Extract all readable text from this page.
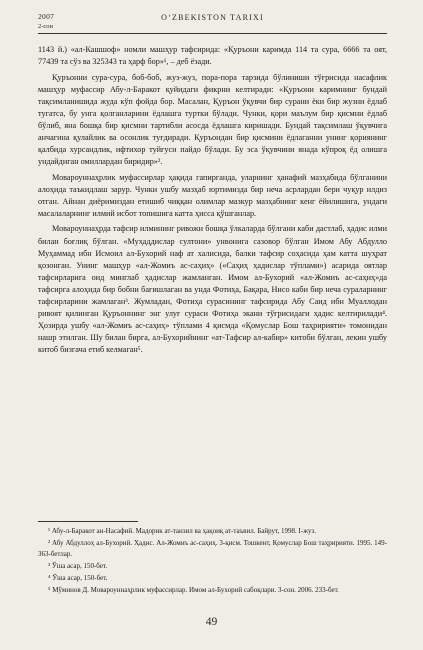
2007
2-сон
O‘ZBEKISTON TARIXI

1143 й.) «ал-Кашшоф» номли машҳур тафсирида: «Қуръони каримда 114 та сура, 6666 та оят, 77439 та сўз ва 325343 та ҳарф бор»¹, – деб ёзади.

Қуръонни сура-сура, боб-боб, жуз-жуз, пора-пора тарзида бўлиниши тўғрисида насафлик машҳур муфассир Абу-л-Баракот қуйидаги фикрни келтиради: «Қуръони каримнинг бундай тақсимланишида жуда кўп фойда бор. Масалан, Қуръон ўқувчи бир сурани ёки бир жузни ёдлаб тугатса, бу унга қолганларини ёдлашга туртки бўлади. Чунки, қори маълум бир қисмни ёдлаб бўлиб, яна бошқа бир қисмни тартибли асосда ёдлашга киришади. Бундай тақсимлаш ўқувчига анчагина қулайлик ва осонлик туғдиради. Қуръондан бир қисмини ёдлаганни унинг қориянинг қалбида хурсандлик, ифтихор туйғуси пайдо бўлади. Бу эса ўқувчини янада кўпроқ ёд олишга ундайдиган омиллардан биридир»².

Мовароуннаҳрлик муфассирлар ҳақида гапирганда, уларнинг ҳанафий мазҳабида бўлганини алоҳида таъкидлаш зарур. Чунки ушбу мазҳаб юртимизда бир неча асрлардан бери чуқур илдиз отган. Айнан диёримиздан етишиб чиққан олимлар мазкур мазҳабнинг кенг ёйилишига, ундаги масалаларнинг илмий исбот топишига катта ҳисса қўшганлар.

Мовароуннаҳрда тафсир илмининг ривожи бошқа ўлкаларда бўлгани каби дастлаб, ҳадис илми билан боғлиқ бўлган. «Муҳаддислар султони» унвонига сазовор бўлган Имом Абу Абдулло Муҳаммад ибн Исмоил ал-Бухорий наф ат халисида, балки тафсир соҳасида ҳам катта шуҳрат қозонган. Унинг машҳур «ал-Жомиъ ас-саҳиҳ» («Саҳиҳ ҳадислар тўплами») асарида оятлар тафсирларига оид минглаб ҳадислар жамланган. Имом ал-Бухорий «ал-Жомиъ ас-саҳиҳ»да тафсирга алоҳида бир бобни бағишлаган ва унда Фотиҳа, Бақара, Нисо каби бир неча сураларнинг тафсирларини жамлаган³. Жумладан, Фотиҳа сурасининг тафсирида Абу Саид ибн Муаллодан ривоят қилинган Қуръоннинг энг улуғ сураси Фотиҳа экани тўғрисидаги ҳадис келтирилади⁴. Ҳозирда ушбу «ал-Жомиъ ас-саҳиҳ» тўплами 4 қисмда «Қомуслар Бош таҳририяти» томонидан нашр этилган. Шу билан бирга, ал-Бухорийнинг «ат-Тафсир ал-кабир» китоби бўлган, лекин ушбу китоб бизгача етиб келмаган⁵.

¹ Абу-л-Баракот ан-Насафий. Мадорик ат-танзил ва ҳақоиқ ат-таъвил. Байрут, 1998. I-жуз.

² Абу Абдуллоҳ ал-Бухорий. Ҳадис. Ал-Жомиъ ас-саҳиҳ. 3-қисм. Тошкент, Қомуслар Бош таҳририяти. 1995. 149-363-бетлар.

³ Ўша асар, 150-бет.

⁴ Ўша асар, 150-бет.

⁵ Мўминов Д. Мовароуннаҳрлик муфассирлар. Имом ал-Бухорий сабоқлари. 3-сон. 2006. 233-бет.

49
